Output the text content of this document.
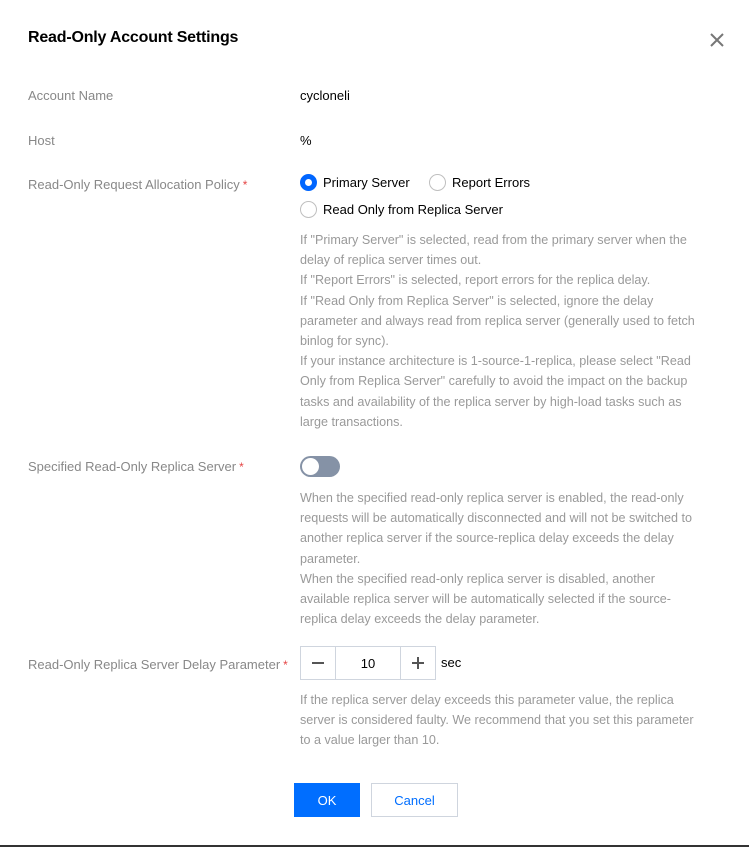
Read-Only Account Settings
Account Name	cycloneli
Host	%
Read-Only Request Allocation Policy *	Primary Server	Report Errors
Read Only from Replica Server
If "Primary Server" is selected, read from the primary server when the delay of replica server times out.
If "Report Errors" is selected, report errors for the replica delay.
If "Read Only from Replica Server" is selected, ignore the delay parameter and always read from replica server (generally used to fetch binlog for sync).
If your instance architecture is 1-source-1-replica, please select "Read Only from Replica Server" carefully to avoid the impact on the backup tasks and availability of the replica server by high-load tasks such as large transactions.
Specified Read-Only Replica Server *
When the specified read-only replica server is enabled, the read-only requests will be automatically disconnected and will not be switched to another replica server if the source-replica delay exceeds the delay parameter.
When the specified read-only replica server is disabled, another available replica server will be automatically selected if the source-replica delay exceeds the delay parameter.
Read-Only Replica Server Delay Parameter *	10	sec
If the replica server delay exceeds this parameter value, the replica server is considered faulty. We recommend that you set this parameter to a value larger than 10.
OK	Cancel
